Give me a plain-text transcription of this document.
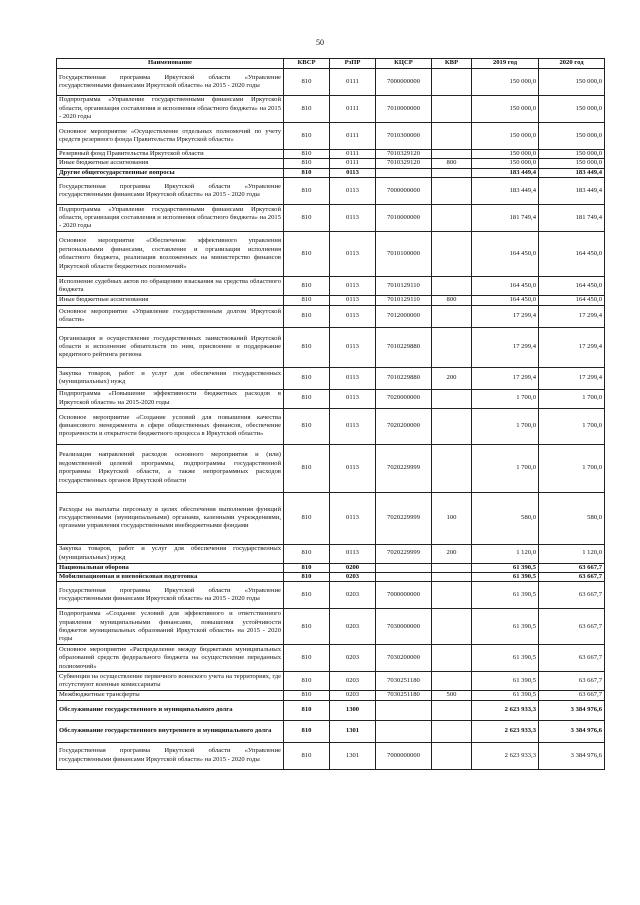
50
Наименование	КВСР	РзПР	КЦСР	КВР	2019 год	2020 год
Государственная программа Иркутской области «Управление государственными финансами Иркутской области» на 2015 - 2020 годы	810	0111	7000000000		150 000,0	150 000,0
Подпрограмма «Управление государственными финансами Иркутской области, организация составления и исполнения областного бюджета» на 2015 - 2020 годы	810	0111	7010000000		150 000,0	150 000,0
Основное мероприятие «Осуществление отдельных полномочий по учету средств резервного фонда Правительства Иркутской области»	810	0111	7010300000		150 000,0	150 000,0
Резервный фонд Правительства Иркутской области	810	0111	7010329120		150 000,0	150 000,0
Иные бюджетные ассигнования	810	0111	7010329120	800	150 000,0	150 000,0
Другие общегосударственные вопросы	810	0113			183 449,4	183 449,4
Государственная программа Иркутской области «Управление государственными финансами Иркутской области» на 2015 - 2020 годы	810	0113	7000000000		183 449,4	183 449,4
Подпрограмма «Управление государственными финансами Иркутской области, организация составления и исполнения областного бюджета» на 2015 - 2020 годы	810	0113	7010000000		181 749,4	181 749,4
Основное мероприятие «Обеспечение эффективного управления региональными финансами, составление и организация исполнения областного бюджета, реализация возложенных на министерство финансов Иркутской области бюджетных полномочий»	810	0113	7010100000		164 450,0	164 450,0
Исполнение судебных актов по обращению взыскания на средства областного бюджета	810	0113	7010129110		164 450,0	164 450,0
Иные бюджетные ассигнования	810	0113	7010129110	800	164 450,0	164 450,0
Основное мероприятие «Управление государственным долгом Иркутской области»	810	0113	7012000000		17 299,4	17 299,4
Организация и осуществление государственных заимствований Иркутской области и исполнение обязательств по ним, присвоение и поддержание кредитного рейтинга региона	810	0113	7010229880		17 299,4	17 299,4
Закупка товаров, работ и услуг для обеспечения государственных (муниципальных) нужд	810	0113	7010229880	200	17 299,4	17 299,4
Подпрограмма «Повышение эффективности бюджетных расходов в Иркутской области» на 2015-2020 годы	810	0113	7020000000		1 700,0	1 700,0
Основное мероприятие «Создание условий для повышения качества финансового менеджмента в сфере общественных финансов, обеспечение прозрачности и открытости бюджетного процесса в Иркутской области»	810	0113	7020200000		1 700,0	1 700,0
Реализация направлений расходов основного мероприятия и (или) ведомственной целевой программы, подпрограммы государственной программы Иркутской области, а также непрограммных расходов государственных органов Иркутской области	810	0113	7020229999		1 700,0	1 700,0
Расходы на выплаты персоналу в целях обеспечения выполнения функций государственными (муниципальными) органами, казенными учреждениями, органами управления государственными внебюджетными фондами	810	0113	7020229999	100	580,0	580,0
Закупка товаров, работ и услуг для обеспечения государственных (муниципальных) нужд	810	0113	7020229999	200	1 120,0	1 120,0
Национальная оборона	810	0200			61 390,5	63 667,7
Мобилизационная и вневойсковая подготовка	810	0203			61 390,5	63 667,7
Государственная программа Иркутской области «Управление государственными финансами Иркутской области» на 2015 - 2020 годы	810	0203	7000000000		61 390,5	63 667,7
Подпрограмма «Создание условий для эффективного и ответственного управления муниципальными финансами, повышения устойчивости бюджетов муниципальных образований Иркутской области» на 2015 - 2020 годы	810	0203	7030000000		61 390,5	63 667,7
Основное мероприятие «Распределение между бюджетами муниципальных образований средств федерального бюджета на осуществление переданных полномочий»	810	0203	7030200000		61 390,5	63 667,7
Субвенции на осуществление первичного воинского учета на территориях, где отсутствуют военные комиссариаты	810	0203	7030251180		61 390,5	63 667,7
Межбюджетные трансферты	810	0203	7030251180	500	61 390,5	63 667,7
Обслуживание государственного и муниципального долга	810	1300			2 623 933,3	3 384 976,6
Обслуживание государственного внутреннего и муниципального долга	810	1301			2 623 933,3	3 384 976,6
Государственная программа Иркутской области «Управление государственными финансами Иркутской области» на 2015 - 2020 годы	810	1301	7000000000		2 623 933,3	3 384 976,6
